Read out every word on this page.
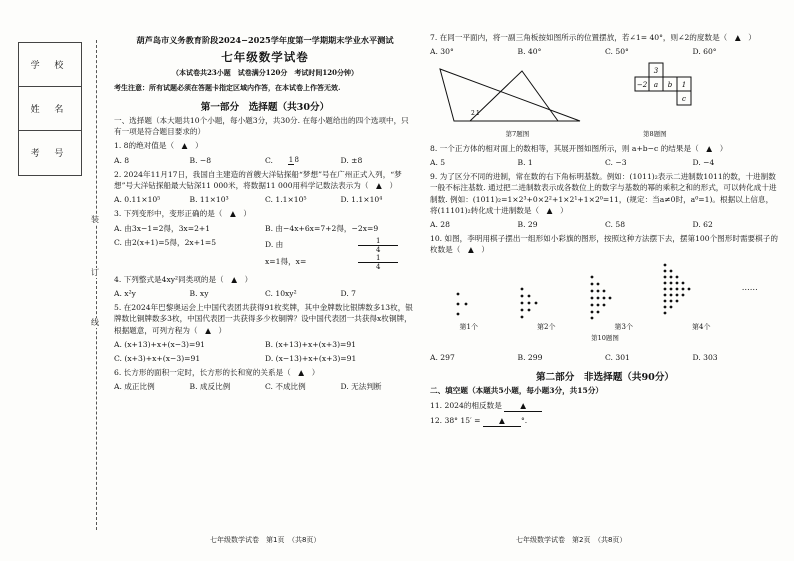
学 校
姓 名
考 号
装
订
线
葫芦岛市义务教育阶段2024−2025学年度第一学期期末学业水平测试
七年级数学试卷
（本试卷共23小题　试卷满分120分　考试时间120分钟）
考生注意：所有试题必须在答题卡指定区域内作答，在本试卷上作答无效.
第一部分　选择题（共30分）
一、选择题（本大题共10个小题，每小题3分，共30分. 在每小题给出的四个选项中，只有一项是符合题目要求的）
1. 8的绝对值是（　▲　）
A. 8	B. −8	C.18	D. ±8
2. 2024年11月17日，我国自主建造的首艘大洋钻探船“梦想”号在广州正式入列，“梦想”号大洋钻探船最大钻深11 000米，将数据11 000用科学记数法表示为（　▲　）
A. 0.11×10⁵	B. 11×10³	C. 1.1×10⁵	D. 1.1×10⁴
3. 下列变形中，变形正确的是（　▲　）
A. 由3x−1=2得，3x=2+1	B. 由−4x+6x=7+2得，−2x=9
C. 由2(x+1)=5得，2x+1=5	D. 由	$\frac{1}{4}x=1$得，x=	$\frac{1}{4}$
4. 下列整式是4xy²同类项的是（　▲　）
A. x²y	B. xy	C. 10xy²	D. 7
5. 在2024年巴黎奥运会上中国代表团共获得91枚奖牌，其中金牌数比银牌数多13枚，银牌数比铜牌数多3枚，中国代表团一共获得多少枚铜牌？设中国代表团一共获得x枚铜牌，根据题意，可列方程为（　▲　）
A. (x+13)+x+(x−3)=91	B. (x+13)+x+(x+3)=91
C. (x+3)+x+(x−3)=91	D. (x−13)+x+(x+3)=91
6. 长方形的面积一定时，长方形的长和宽的关系是（　▲　）
A. 成正比例	B. 成反比例	C. 不成比例	D. 无法判断
7. 在同一平面内，将一副三角板按如图所示的位置摆放，若∠1= 40°，则∠2的度数是（　▲　）
A. 30°	B. 40°	C. 50°	D. 60°
2 1
第7题图
3
−2 a b 1
c
第8题图
8. 一个正方体的相对面上的数相等，其展开图如图所示，则 a+b−c 的结果是（　▲　）
A. 5	B. 1	C. −3	D. −4
9. 为了区分不同的进制，常在数的右下角标明基数。例如：(1011)₂表示二进制数1011的数，十进制数一般不标注基数. 通过把二进制数表示成各数位上的数字与基数的幂的乘积之和的形式，可以转化成十进制数. 例如：(1011)₂=1×2³+0×2²+1×2¹+1×2⁰=11，(规定：当a≠0时，a⁰=1)。根据以上信息，将(11101)₂转化成十进制数是（　▲　）
A. 28	B. 29	C. 58	D. 62
10. 如图，李明用棋子摆出一组形如小彩旗的图形，按照这种方法摆下去，摆第100个图形时需要棋子的枚数是（　▲　）
……
第1个	第2个	第3个	第4个
第10题图
A. 297	B. 299	C. 301	D. 303
第二部分　非选择题（共90分）
二、填空题（本题共5小题，每小题3分，共15分）
11. 2024的相反数是 ▲
12. 38° 15′ = ▲ °.
七年级数学试卷　第1页　（共8页）	七年级数学试卷　第2页　（共8页）
